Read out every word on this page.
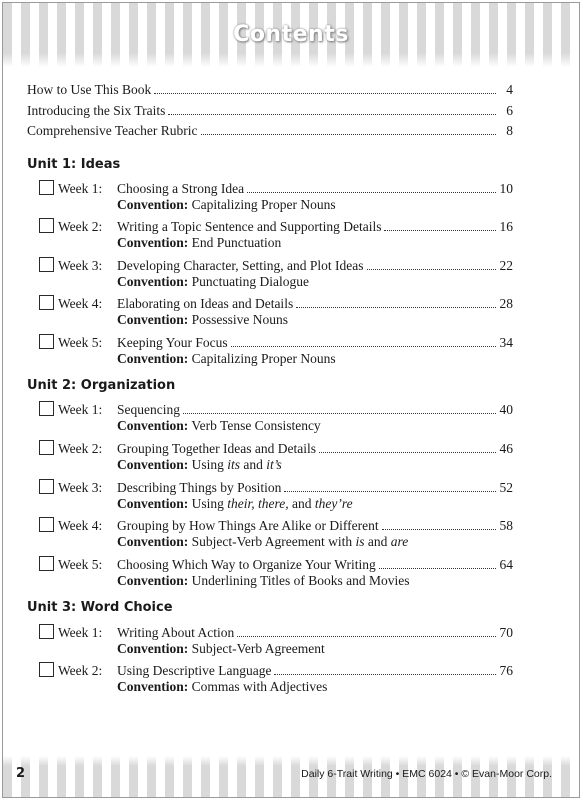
Contents
How to Use This Book	4
Introducing the Six Traits	6
Comprehensive Teacher Rubric	8
Unit 1: Ideas
Week 1: Choosing a Strong Idea	10
Convention: Capitalizing Proper Nouns
Week 2: Writing a Topic Sentence and Supporting Details	16
Convention: End Punctuation
Week 3: Developing Character, Setting, and Plot Ideas	22
Convention: Punctuating Dialogue
Week 4: Elaborating on Ideas and Details	28
Convention: Possessive Nouns
Week 5: Keeping Your Focus	34
Convention: Capitalizing Proper Nouns
Unit 2: Organization
Week 1: Sequencing	40
Convention: Verb Tense Consistency
Week 2: Grouping Together Ideas and Details	46
Convention: Using its and it’s
Week 3: Describing Things by Position	52
Convention: Using their, there, and they’re
Week 4: Grouping by How Things Are Alike or Different	58
Convention: Subject-Verb Agreement with is and are
Week 5: Choosing Which Way to Organize Your Writing	64
Convention: Underlining Titles of Books and Movies
Unit 3: Word Choice
Week 1: Writing About Action	70
Convention: Subject-Verb Agreement
Week 2: Using Descriptive Language	76
Convention: Commas with Adjectives
2	Daily 6-Trait Writing • EMC 6024 • © Evan-Moor Corp.
